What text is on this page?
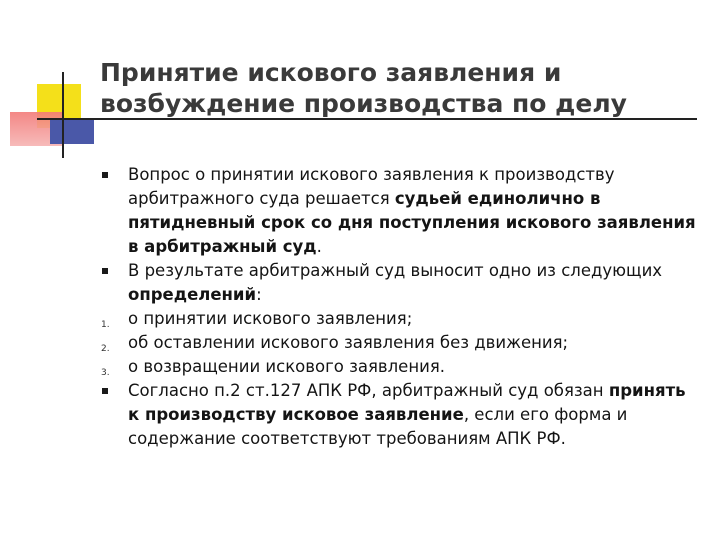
Принятие искового заявления и
возбуждение производства по делу
Вопрос о принятии искового заявления к производству арбитражного суда решается судьей единолично в пятидневный срок со дня поступления искового заявления в арбитражный суд.
В результате арбитражный суд выносит одно из следующих определений:
1.	о принятии искового заявления;
2.	об оставлении искового заявления без движения;
3.	о возвращении искового заявления.
Согласно п.2 ст.127 АПК РФ, арбитражный суд обязан принять к производству исковое заявление, если его форма и содержание соответствуют требованиям АПК РФ.
